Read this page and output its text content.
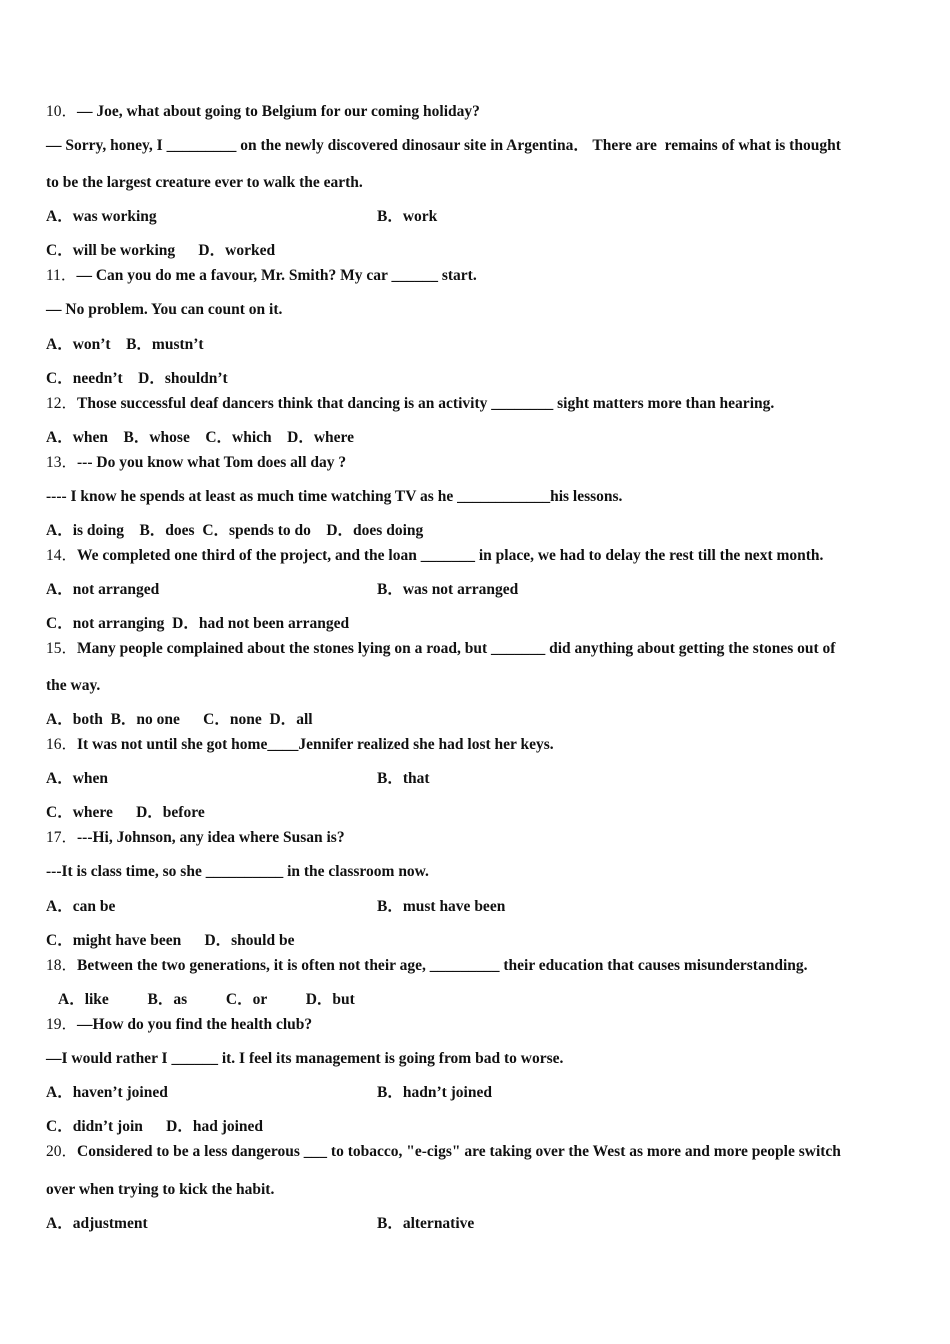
10．— Joe, what about going to Belgium for our coming holiday?
— Sorry, honey, I _________ on the newly discovered dinosaur site in Argentina． There are  remains of what is thought
to be the largest creature ever to walk the earth.
A．was working	B．work
C．will be working      D．worked
11．— Can you do me a favour, Mr. Smith? My car ______ start.
— No problem. You can count on it.
A．won’t    B．mustn’t
C．needn’t    D．shouldn’t
12．Those successful deaf dancers think that dancing is an activity ________ sight matters more than hearing.
A．when    B．whose    C．which    D．where
13．--- Do you know what Tom does all day ?
---- I know he spends at least as much time watching TV as he ____________his lessons.
A．is doing    B．does  C．spends to do    D．does doing
14．We completed one third of the project, and the loan _______ in place, we had to delay the rest till the next month.
A．not arranged	B．was not arranged
C．not arranging  D．had not been arranged
15．Many people complained about the stones lying on a road, but _______ did anything about getting the stones out of
the way.
A．both  B．no one      C．none  D．all
16．It was not until she got home____Jennifer realized she had lost her keys.
A．when	B．that
C．where      D．before
17．---Hi, Johnson, any idea where Susan is?
---It is class time, so she __________ in the classroom now.
A．can be	B．must have been
C．might have been      D．should be
18．Between the two generations, it is often not their age, _________ their education that causes misunderstanding.
A．like          B．as          C．or          D．but
19．—How do you find the health club?
—I would rather I ______ it. I feel its management is going from bad to worse.
A．haven’t joined	B．hadn’t joined
C．didn’t join      D．had joined
20．Considered to be a less dangerous ___ to tobacco, "e-cigs" are taking over the West as more and more people switch
over when trying to kick the habit.
A．adjustment	B．alternative
